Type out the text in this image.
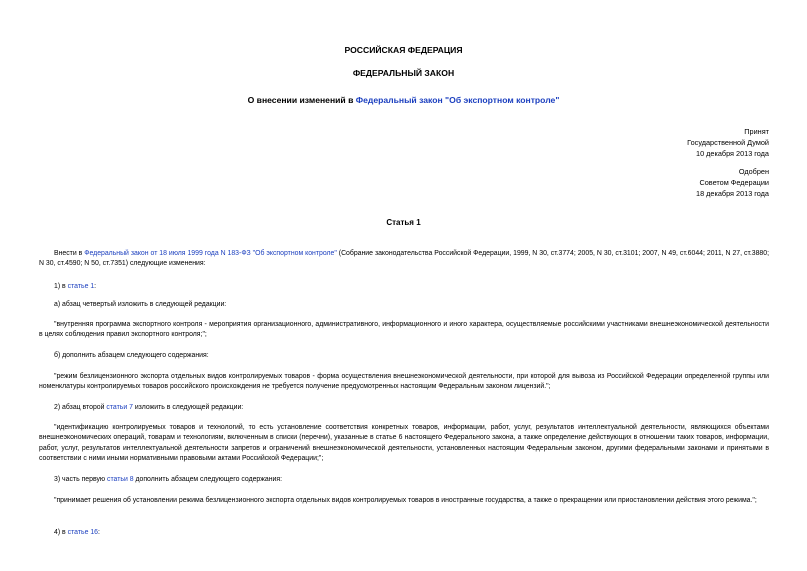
РОССИЙСКАЯ ФЕДЕРАЦИЯ
ФЕДЕРАЛЬНЫЙ ЗАКОН
О внесении изменений в Федеральный закон "Об экспортном контроле"
Принят
Государственной Думой
10 декабря 2013 года
Одобрен
Советом Федерации
18 декабря 2013 года
Статья 1
Внести в Федеральный закон от 18 июля 1999 года N 183-ФЗ "Об экспортном контроле" (Собрание законодательства Российской Федерации, 1999, N 30, ст.3774; 2005, N 30, ст.3101; 2007, N 49, ст.6044; 2011, N 27, ст.3880; N 30, ст.4590; N 50, ст.7351) следующие изменения:
1) в статье 1:
а) абзац четвертый изложить в следующей редакции:
"внутренняя программа экспортного контроля - мероприятия организационного, административного, информационного и иного характера, осуществляемые российскими участниками внешнеэкономической деятельности в целях соблюдения правил экспортного контроля;";
б) дополнить абзацем следующего содержания:
"режим безлицензионного экспорта отдельных видов контролируемых товаров - форма осуществления внешнеэкономической деятельности, при которой для вывоза из Российской Федерации определенной группы или номенклатуры контролируемых товаров российского происхождения не требуется получение предусмотренных настоящим Федеральным законом лицензий.";
2) абзац второй статьи 7 изложить в следующей редакции:
"идентификацию контролируемых товаров и технологий, то есть установление соответствия конкретных товаров, информации, работ, услуг, результатов интеллектуальной деятельности, являющихся объектами внешнеэкономических операций, товарам и технологиям, включенным в списки (перечни), указанные в статье 6 настоящего Федерального закона, а также определение действующих в отношении таких товаров, информации, работ, услуг, результатов интеллектуальной деятельности запретов и ограничений внешнеэкономической деятельности, установленных настоящим Федеральным законом, другими федеральными законами и принятыми в соответствии с ними иными нормативными правовыми актами Российской Федерации;";
3) часть первую статьи 8 дополнить абзацем следующего содержания:
"принимает решения об установлении режима безлицензионного экспорта отдельных видов контролируемых товаров в иностранные государства, а также о прекращении или приостановлении действия этого режима.";
4) в статье 16:
